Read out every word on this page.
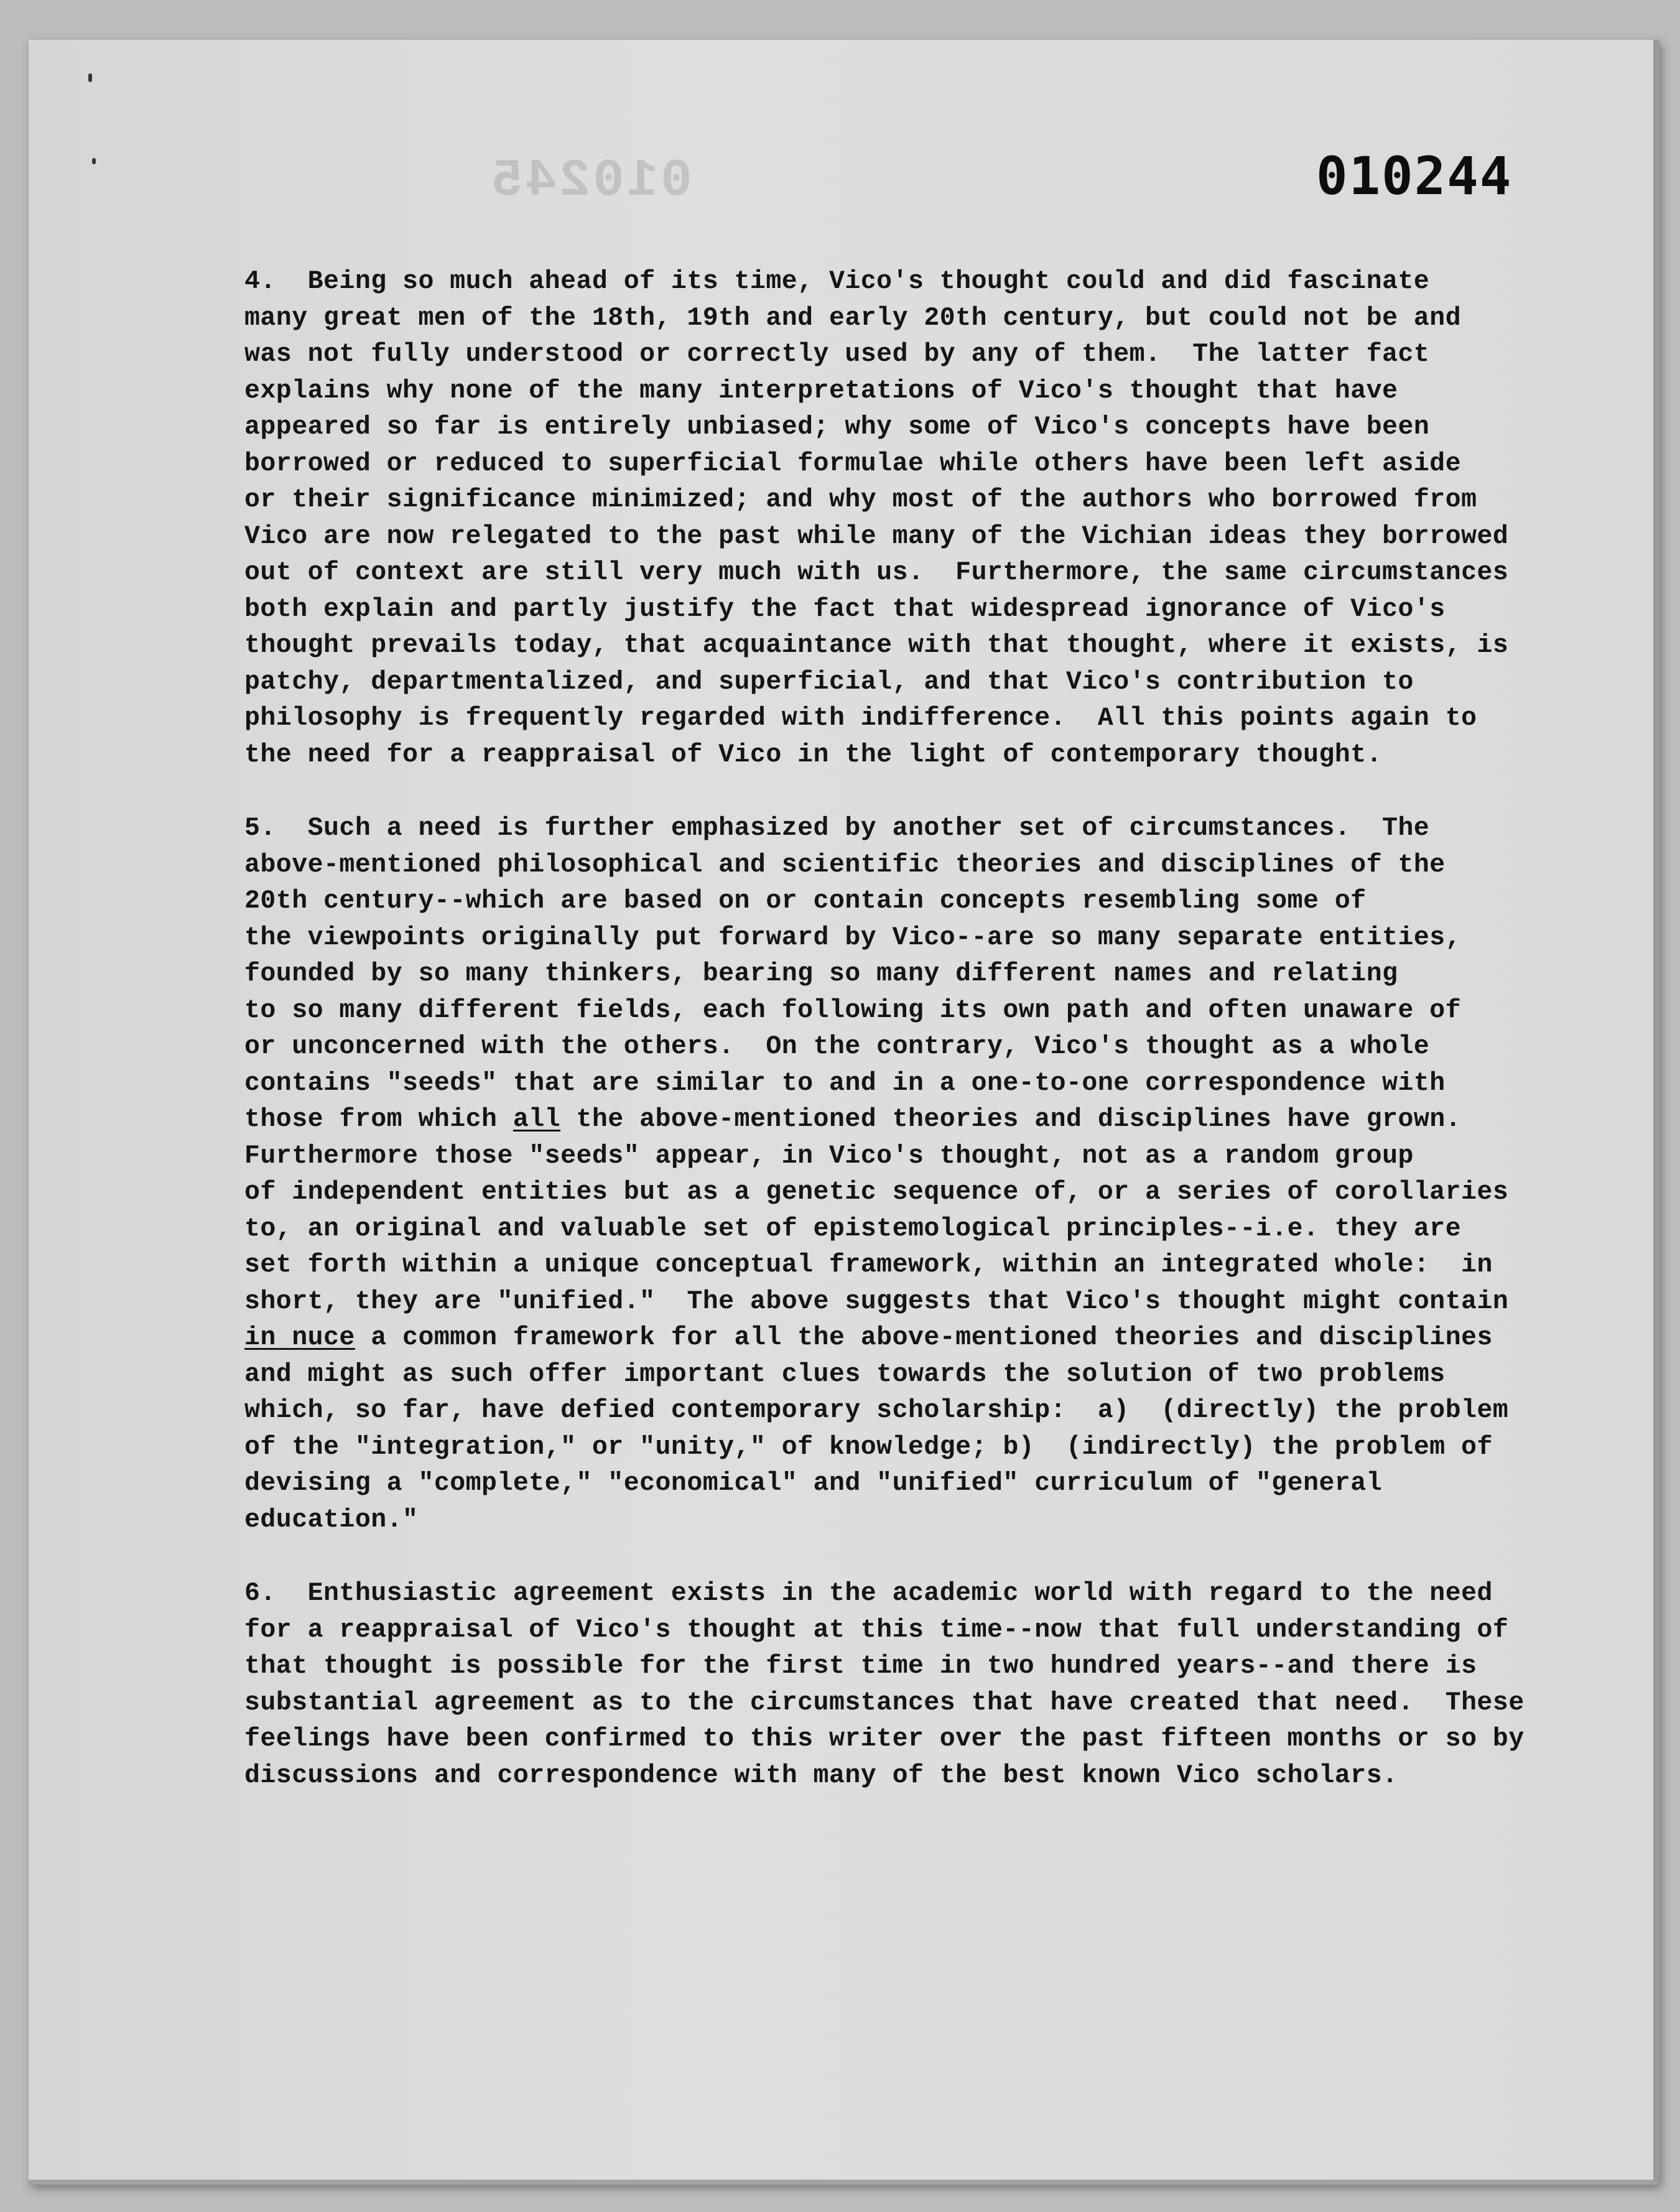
010245	010244
4.  Being so much ahead of its time, Vico's thought could and did fascinate
many great men of the 18th, 19th and early 20th century, but could not be and
was not fully understood or correctly used by any of them.  The latter fact
explains why none of the many interpretations of Vico's thought that have
appeared so far is entirely unbiased; why some of Vico's concepts have been
borrowed or reduced to superficial formulae while others have been left aside
or their significance minimized; and why most of the authors who borrowed from
Vico are now relegated to the past while many of the Vichian ideas they borrowed
out of context are still very much with us.  Furthermore, the same circumstances
both explain and partly justify the fact that widespread ignorance of Vico's
thought prevails today, that acquaintance with that thought, where it exists, is
patchy, departmentalized, and superficial, and that Vico's contribution to
philosophy is frequently regarded with indifference.  All this points again to
the need for a reappraisal of Vico in the light of contemporary thought.
5.  Such a need is further emphasized by another set of circumstances.  The
above-mentioned philosophical and scientific theories and disciplines of the
20th century--which are based on or contain concepts resembling some of
the viewpoints originally put forward by Vico--are so many separate entities,
founded by so many thinkers, bearing so many different names and relating
to so many different fields, each following its own path and often unaware of
or unconcerned with the others.  On the contrary, Vico's thought as a whole
contains "seeds" that are similar to and in a one-to-one correspondence with
those from which all the above-mentioned theories and disciplines have grown.
Furthermore those "seeds" appear, in Vico's thought, not as a random group
of independent entities but as a genetic sequence of, or a series of corollaries
to, an original and valuable set of epistemological principles--i.e. they are
set forth within a unique conceptual framework, within an integrated whole:  in
short, they are "unified."  The above suggests that Vico's thought might contain
in nuce a common framework for all the above-mentioned theories and disciplines
and might as such offer important clues towards the solution of two problems
which, so far, have defied contemporary scholarship:  a)  (directly) the problem
of the "integration," or "unity," of knowledge; b)  (indirectly) the problem of
devising a "complete," "economical" and "unified" curriculum of "general
education."
6.  Enthusiastic agreement exists in the academic world with regard to the need
for a reappraisal of Vico's thought at this time--now that full understanding of
that thought is possible for the first time in two hundred years--and there is
substantial agreement as to the circumstances that have created that need.  These
feelings have been confirmed to this writer over the past fifteen months or so by
discussions and correspondence with many of the best known Vico scholars.
